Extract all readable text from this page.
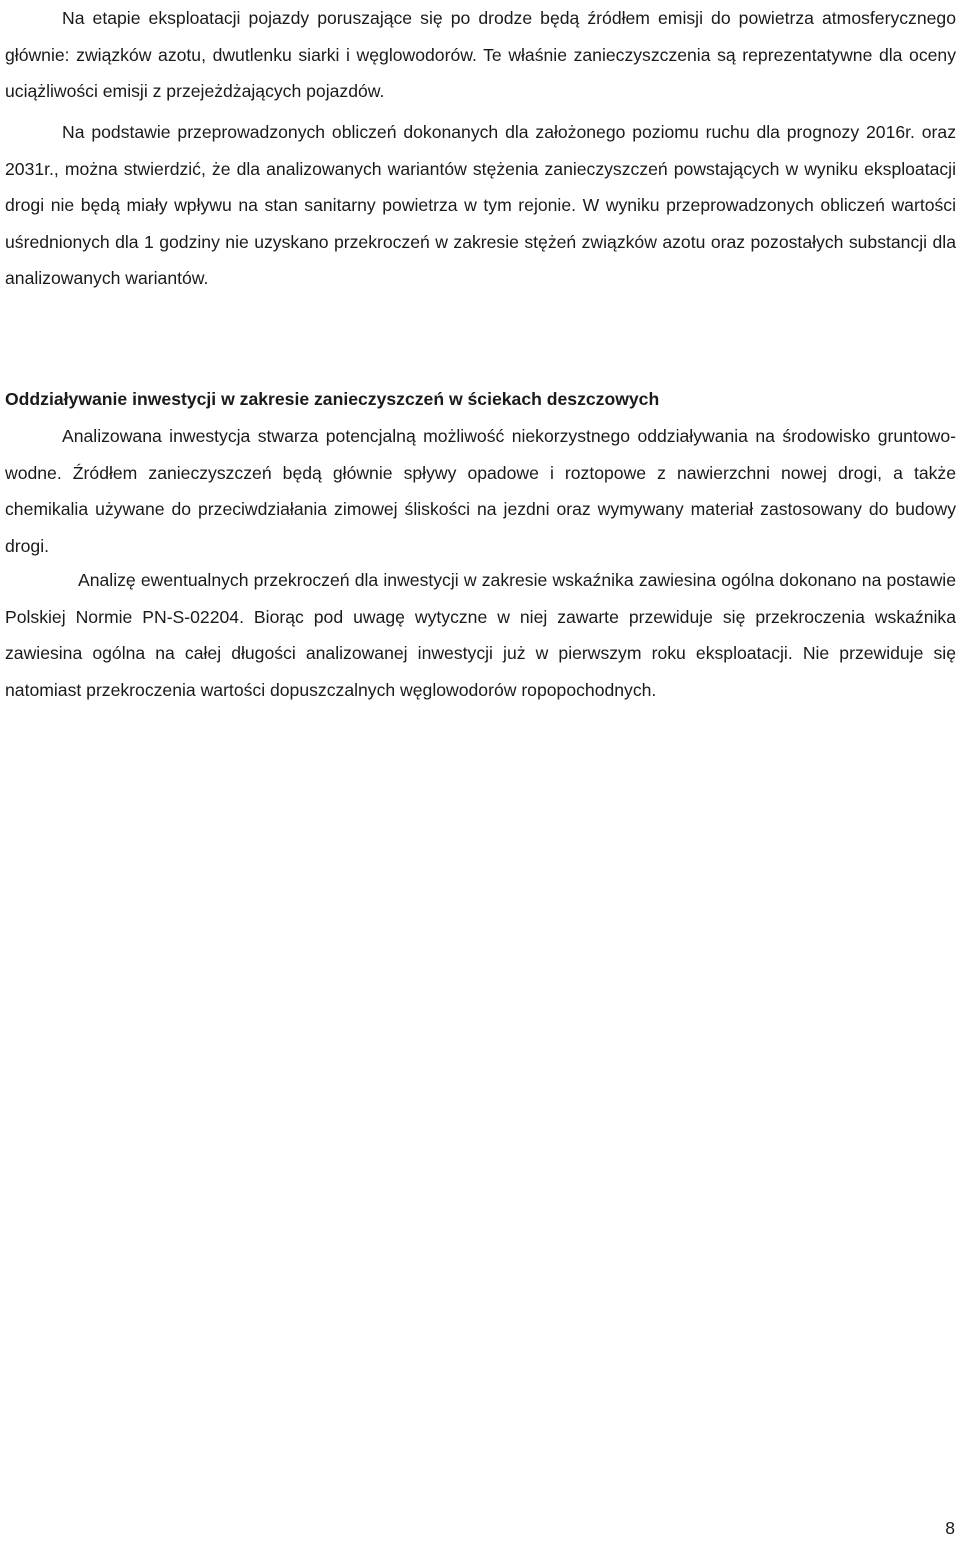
Na etapie eksploatacji pojazdy poruszające się po drodze będą źródłem emisji do powietrza atmosferycznego głównie: związków azotu, dwutlenku siarki i węglowodorów. Te właśnie zanieczyszczenia są reprezentatywne dla oceny uciążliwości emisji z przejeżdżających pojazdów.

Na podstawie przeprowadzonych obliczeń dokonanych dla założonego poziomu ruchu dla prognozy 2016r. oraz 2031r., można stwierdzić, że dla analizowanych wariantów stężenia zanieczyszczeń powstających w wyniku eksploatacji drogi nie będą miały wpływu na stan sanitarny powietrza w tym rejonie. W wyniku przeprowadzonych obliczeń wartości uśrednionych dla 1 godziny nie uzyskano przekroczeń w zakresie stężeń związków azotu oraz pozostałych substancji dla analizowanych wariantów.

Oddziaływanie inwestycji w zakresie zanieczyszczeń w ściekach deszczowych

Analizowana inwestycja stwarza potencjalną możliwość niekorzystnego oddziaływania na środowisko gruntowo-wodne. Źródłem zanieczyszczeń będą głównie spływy opadowe i roztopowe z nawierzchni nowej drogi, a także chemikalia używane do przeciwdziałania zimowej śliskości na jezdni oraz wymywany materiał zastosowany do budowy drogi.

Analizę ewentualnych przekroczeń dla inwestycji w zakresie wskaźnika zawiesina ogólna dokonano na postawie Polskiej Normie PN-S-02204. Biorąc pod uwagę wytyczne w niej zawarte przewiduje się przekroczenia wskaźnika zawiesina ogólna na całej długości analizowanej inwestycji już w pierwszym roku eksploatacji. Nie przewiduje się natomiast przekroczenia wartości dopuszczalnych węglowodorów ropopochodnych.

8
